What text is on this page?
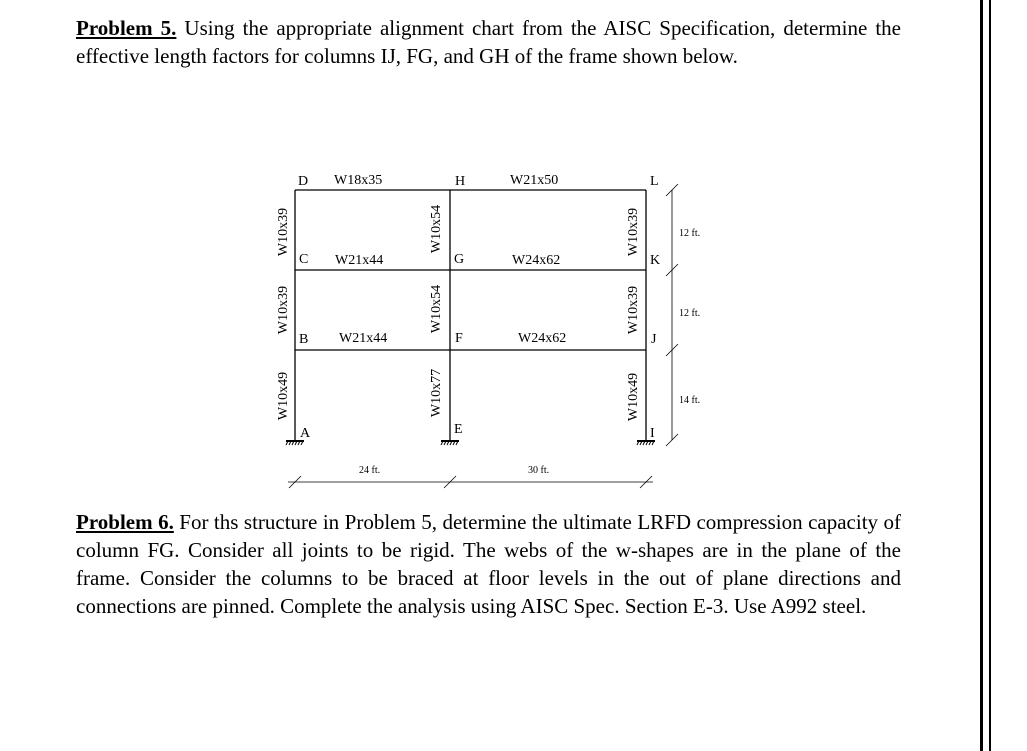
Problem 5. Using the appropriate alignment chart from the AISC Specification, determine the effective length factors for columns IJ, FG, and GH of the frame shown below.
D	H	L
C	G	K
B	F	J
A	E	I
W18x35	W21x50
W21x44	W24x62
W21x44	W24x62
W10x39
W10x39
W10x49
W10x54
W10x54
W10x77
W10x39
W10x39
W10x49
12 ft.
12 ft.
14 ft.
24 ft.	30 ft.
Problem 6. For ths structure in Problem 5, determine the ultimate LRFD compression capacity of column FG. Consider all joints to be rigid. The webs of the w-shapes are in the plane of the frame. Consider the columns to be braced at floor levels in the out of plane directions and connections are pinned. Complete the analysis using AISC Spec. Section E-3. Use A992 steel.
